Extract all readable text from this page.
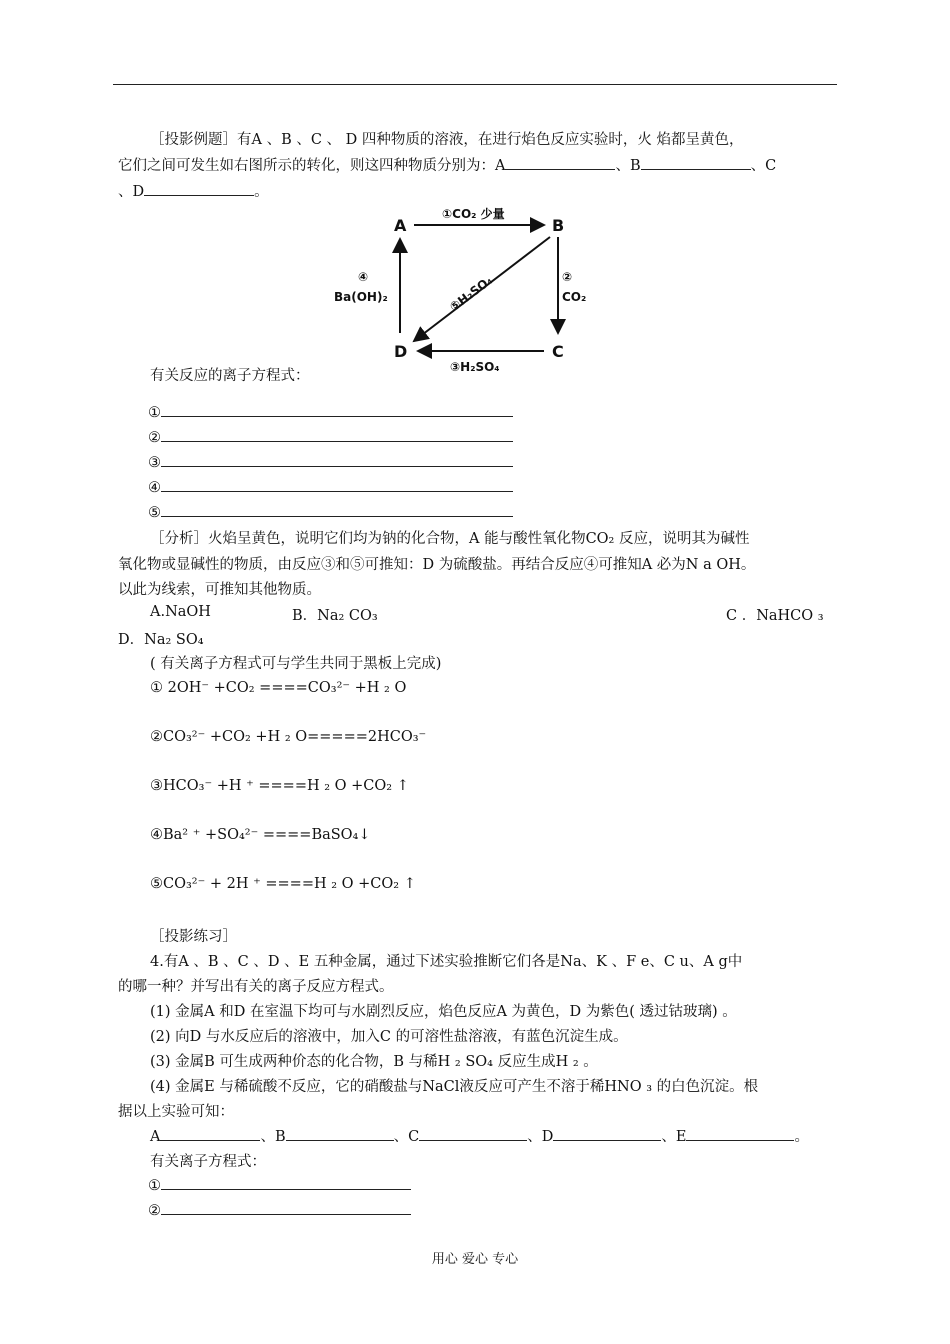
［投影例题］有A 、B 、C 、 D 四种物质的溶液，在进行焰色反应实验时，火 焰都呈黄色，
它们之间可发生如右图所示的转化，则这四种物质分别为：A	、B	、C
、D	。
A	B
C
D
①CO₂ 少量
②
CO₂
③H₂SO₄
④
Ba(OH)₂	⑤H₂SO₄
有关反应的离子方程式：
①
②
③
④
⑤
［分析］火焰呈黄色，说明它们均为钠的化合物，A 能与酸性氧化物CO₂ 反应，说明其为碱性
氧化物或显碱性的物质，由反应③和⑤可推知：D 为硫酸盐。再结合反应④可推知A 必为N a OH。
以此为线索，可推知其他物质。
A.NaOH	B．Na₂ CO₃	C ．NaHCO ₃
D．Na₂ SO₄
( 有关离子方程式可与学生共同于黑板上完成)
① 2OH⁻ +CO₂ ====CO₃²⁻ +H ₂ O
②CO₃²⁻ +CO₂ +H ₂ O=====2HCO₃⁻
③HCO₃⁻ +H ⁺ ====H ₂ O +CO₂ ↑
④Ba² ⁺ +SO₄²⁻ ====BaSO₄↓
⑤CO₃²⁻ + 2H ⁺ ====H ₂ O +CO₂ ↑
［投影练习］
4.有A 、B 、C 、D 、E 五种金属，通过下述实验推断它们各是Na、K 、F e、C u、A g中
的哪一种？并写出有关的离子反应方程式。
(1) 金属A 和D 在室温下均可与水剧烈反应，焰色反应A 为黄色，D 为紫色( 透过钴玻璃) 。
(2) 向D 与水反应后的溶液中，加入C 的可溶性盐溶液，有蓝色沉淀生成。
(3) 金属B 可生成两种价态的化合物，B 与稀H ₂ SO₄ 反应生成H ₂ 。
(4) 金属E 与稀硫酸不反应，它的硝酸盐与NaCl液反应可产生不溶于稀HNO ₃ 的白色沉淀。根
据以上实验可知：
A	、B	、C	、D	、E	。
有关离子方程式：
①
②
用心 爱心 专心
